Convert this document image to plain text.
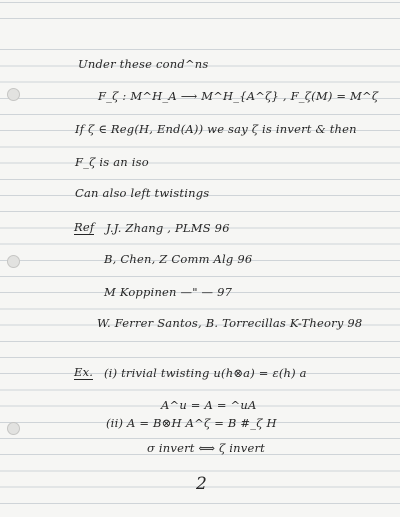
Under these cond^ns
F_ζ : M^H_A ⟶ M^H_{A^ζ} , F_ζ(M) = M^ζ
If ζ ∈ Reg(H, End(A)) we say ζ is invert & then
F_ζ is an iso
Can also left twistings
Ref J.J. Zhang , PLMS 96
B, Chen, Z Comm Alg 96
M Koppinen —" — 97
W. Ferrer Santos, B. Torrecillas K-Theory 98
Ex. (i) trivial twisting u(h⊗a) = ε(h) a
A^u = A = ^uA
(ii) A = B⊗H A^ζ = B #_ζ H
σ invert ⟺ ζ invert
2
